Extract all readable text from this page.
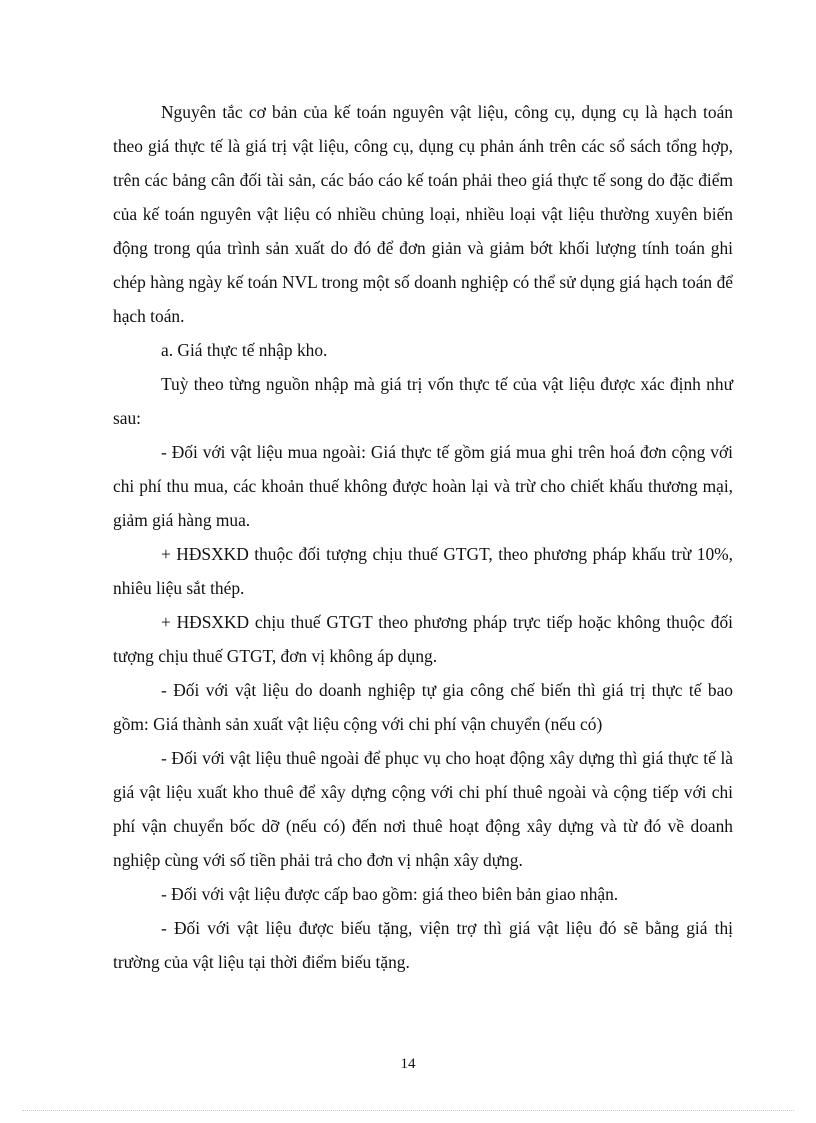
Nguyên tắc cơ bản của kế toán nguyên vật liệu, công cụ, dụng cụ là hạch toán theo giá thực tế là giá trị vật liệu, công cụ, dụng cụ phản ánh trên các sổ sách tổng hợp, trên các bảng cân đối tài sản, các báo cáo kế toán phải theo giá thực tế song do đặc điểm của kế toán nguyên vật liệu có nhiều chủng loại, nhiều loại vật liệu thường xuyên biến động trong qúa trình sản xuất do đó để đơn giản và giảm bớt khối lượng tính toán ghi chép hàng ngày kế toán NVL trong một số doanh nghiệp có thể sử dụng giá hạch toán để hạch toán.

a. Giá thực tế nhập kho.

Tuỳ theo từng nguồn nhập mà giá trị vốn thực tế của vật liệu được xác định như sau:

- Đối với vật liệu mua ngoài: Giá thực tế gồm giá mua ghi trên hoá đơn cộng với chi phí thu mua, các khoản thuế không được hoàn lại và trừ cho chiết khấu thương mại, giảm giá hàng mua.

+ HĐSXKD thuộc đối tượng chịu thuế GTGT, theo phương pháp khấu trừ 10%, nhiêu liệu sắt thép.

+ HĐSXKD chịu thuế GTGT theo phương pháp trực tiếp hoặc không thuộc đối tượng chịu thuế GTGT, đơn vị không áp dụng.

- Đối với vật liệu do doanh nghiệp tự gia công chế biến thì giá trị thực tế bao gồm: Giá thành sản xuất vật liệu cộng với chi phí vận chuyển (nếu có)

- Đối với vật liệu thuê ngoài để phục vụ cho hoạt động xây dựng thì giá thực tế là giá vật liệu xuất kho thuê để xây dựng cộng với chi phí thuê ngoài và cộng tiếp với chi phí vận chuyển bốc dỡ (nếu có) đến nơi thuê hoạt động xây dựng và từ đó về doanh nghiệp cùng với số tiền phải trả cho đơn vị nhận xây dựng.

- Đối với vật liệu được cấp bao gồm: giá theo biên bản giao nhận.

- Đối với vật liệu được biếu tặng, viện trợ thì giá vật liệu đó sẽ bằng giá thị trường của vật liệu tại thời điểm biếu tặng.

14
